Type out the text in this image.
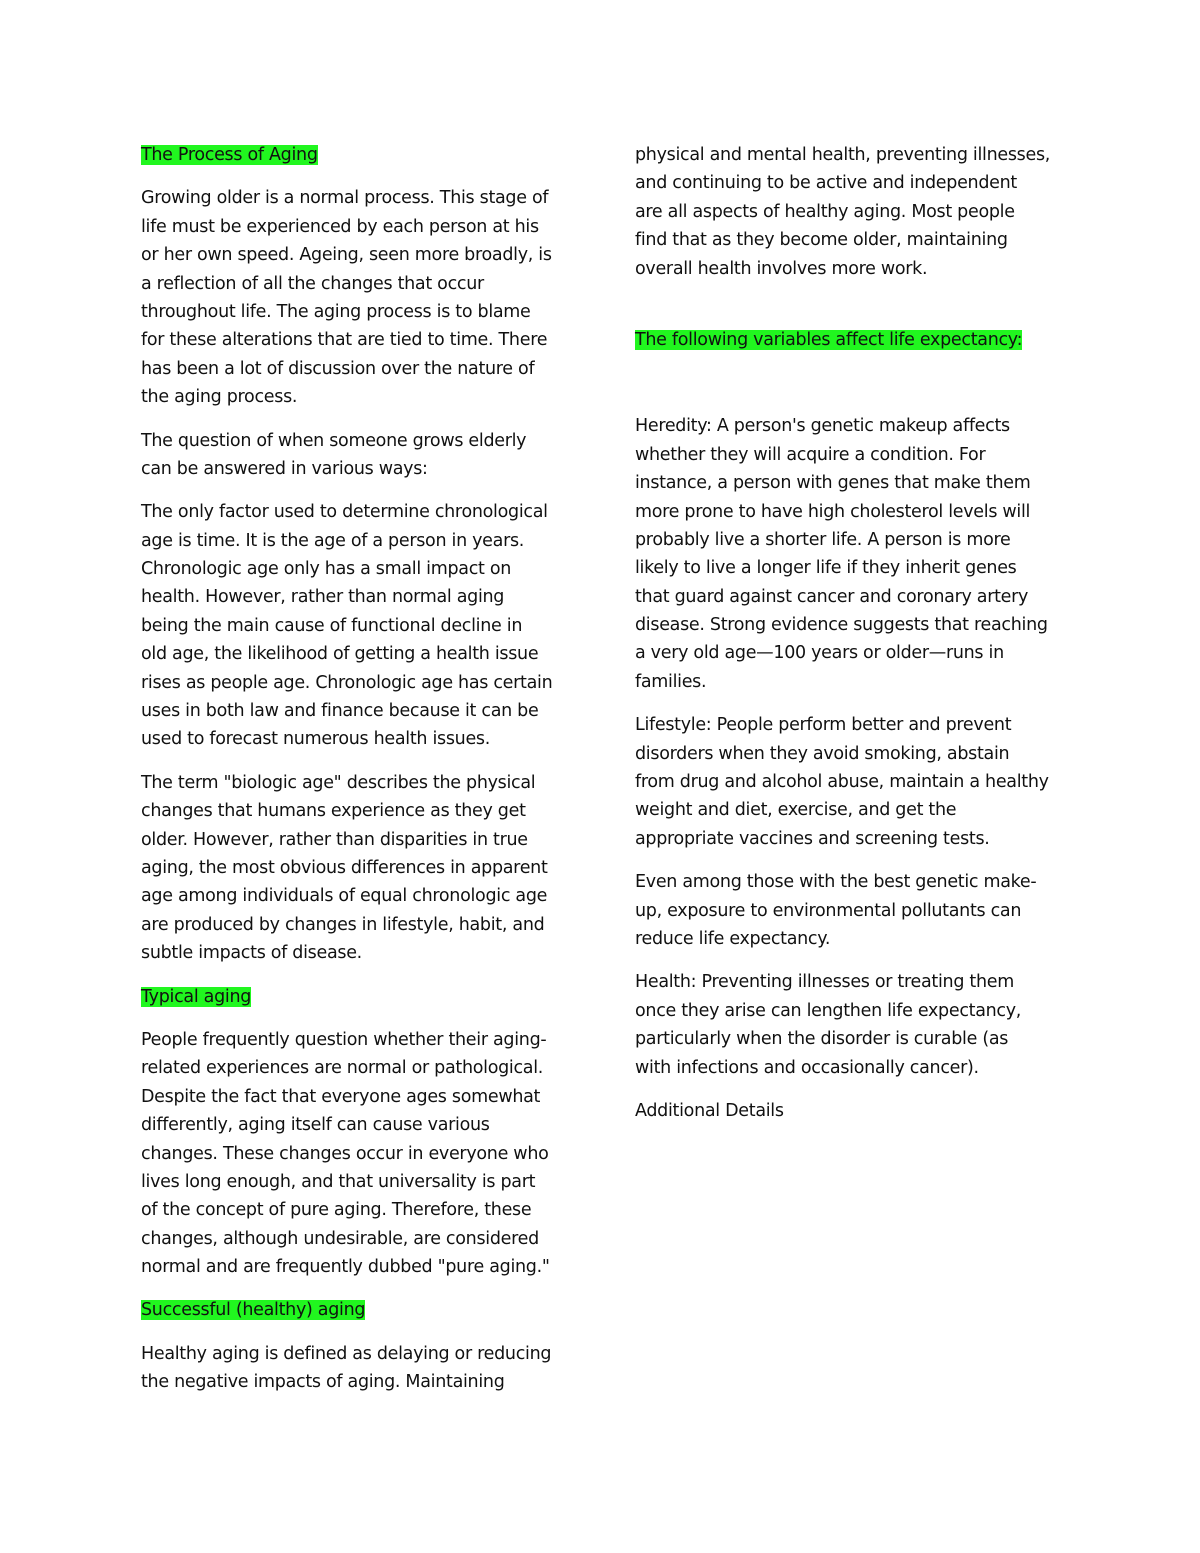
The Process of Aging
Growing older is a normal process. This stage of
life must be experienced by each person at his
or her own speed. Ageing, seen more broadly, is
a reflection of all the changes that occur
throughout life. The aging process is to blame
for these alterations that are tied to time. There
has been a lot of discussion over the nature of
the aging process.
The question of when someone grows elderly
can be answered in various ways:
The only factor used to determine chronological
age is time. It is the age of a person in years.
Chronologic age only has a small impact on
health. However, rather than normal aging
being the main cause of functional decline in
old age, the likelihood of getting a health issue
rises as people age. Chronologic age has certain
uses in both law and finance because it can be
used to forecast numerous health issues.
The term "biologic age" describes the physical
changes that humans experience as they get
older. However, rather than disparities in true
aging, the most obvious differences in apparent
age among individuals of equal chronologic age
are produced by changes in lifestyle, habit, and
subtle impacts of disease.
Typical aging
People frequently question whether their aging-
related experiences are normal or pathological.
Despite the fact that everyone ages somewhat
differently, aging itself can cause various
changes. These changes occur in everyone who
lives long enough, and that universality is part
of the concept of pure aging. Therefore, these
changes, although undesirable, are considered
normal and are frequently dubbed "pure aging."
Successful (healthy) aging
Healthy aging is defined as delaying or reducing
the negative impacts of aging. Maintaining
physical and mental health, preventing illnesses,
and continuing to be active and independent
are all aspects of healthy aging. Most people
find that as they become older, maintaining
overall health involves more work.
The following variables affect life expectancy:
Heredity: A person's genetic makeup affects
whether they will acquire a condition. For
instance, a person with genes that make them
more prone to have high cholesterol levels will
probably live a shorter life. A person is more
likely to live a longer life if they inherit genes
that guard against cancer and coronary artery
disease. Strong evidence suggests that reaching
a very old age—100 years or older—runs in
families.
Lifestyle: People perform better and prevent
disorders when they avoid smoking, abstain
from drug and alcohol abuse, maintain a healthy
weight and diet, exercise, and get the
appropriate vaccines and screening tests.
Even among those with the best genetic make-
up, exposure to environmental pollutants can
reduce life expectancy.
Health: Preventing illnesses or treating them
once they arise can lengthen life expectancy,
particularly when the disorder is curable (as
with infections and occasionally cancer).
Additional Details
